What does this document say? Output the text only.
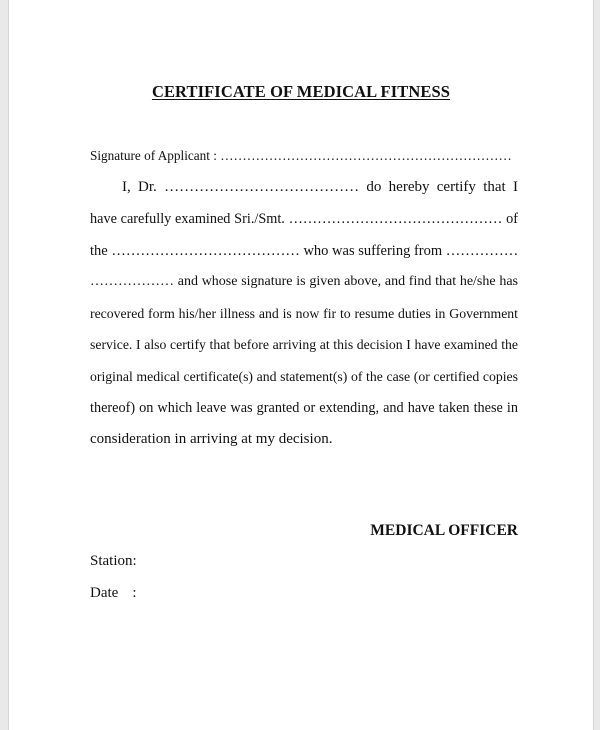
CERTIFICATE OF MEDICAL FITNESS
Signature of Applicant : …………………………………………………………
I, Dr. ………………………………… do hereby certify that I
have carefully examined Sri./Smt. ……………………………………… of
the ………………………………… who was suffering from ……………
……………… and whose signature is given above, and find that he/she has
recovered form his/her illness and is now fir to resume duties in Government
service. I also certify that before arriving at this decision I have examined the
original medical certificate(s) and statement(s) of the case (or certified copies
thereof) on which leave was granted or extending, and have taken these in
consideration in arriving at my decision.
MEDICAL OFFICER
Station:
Date :
